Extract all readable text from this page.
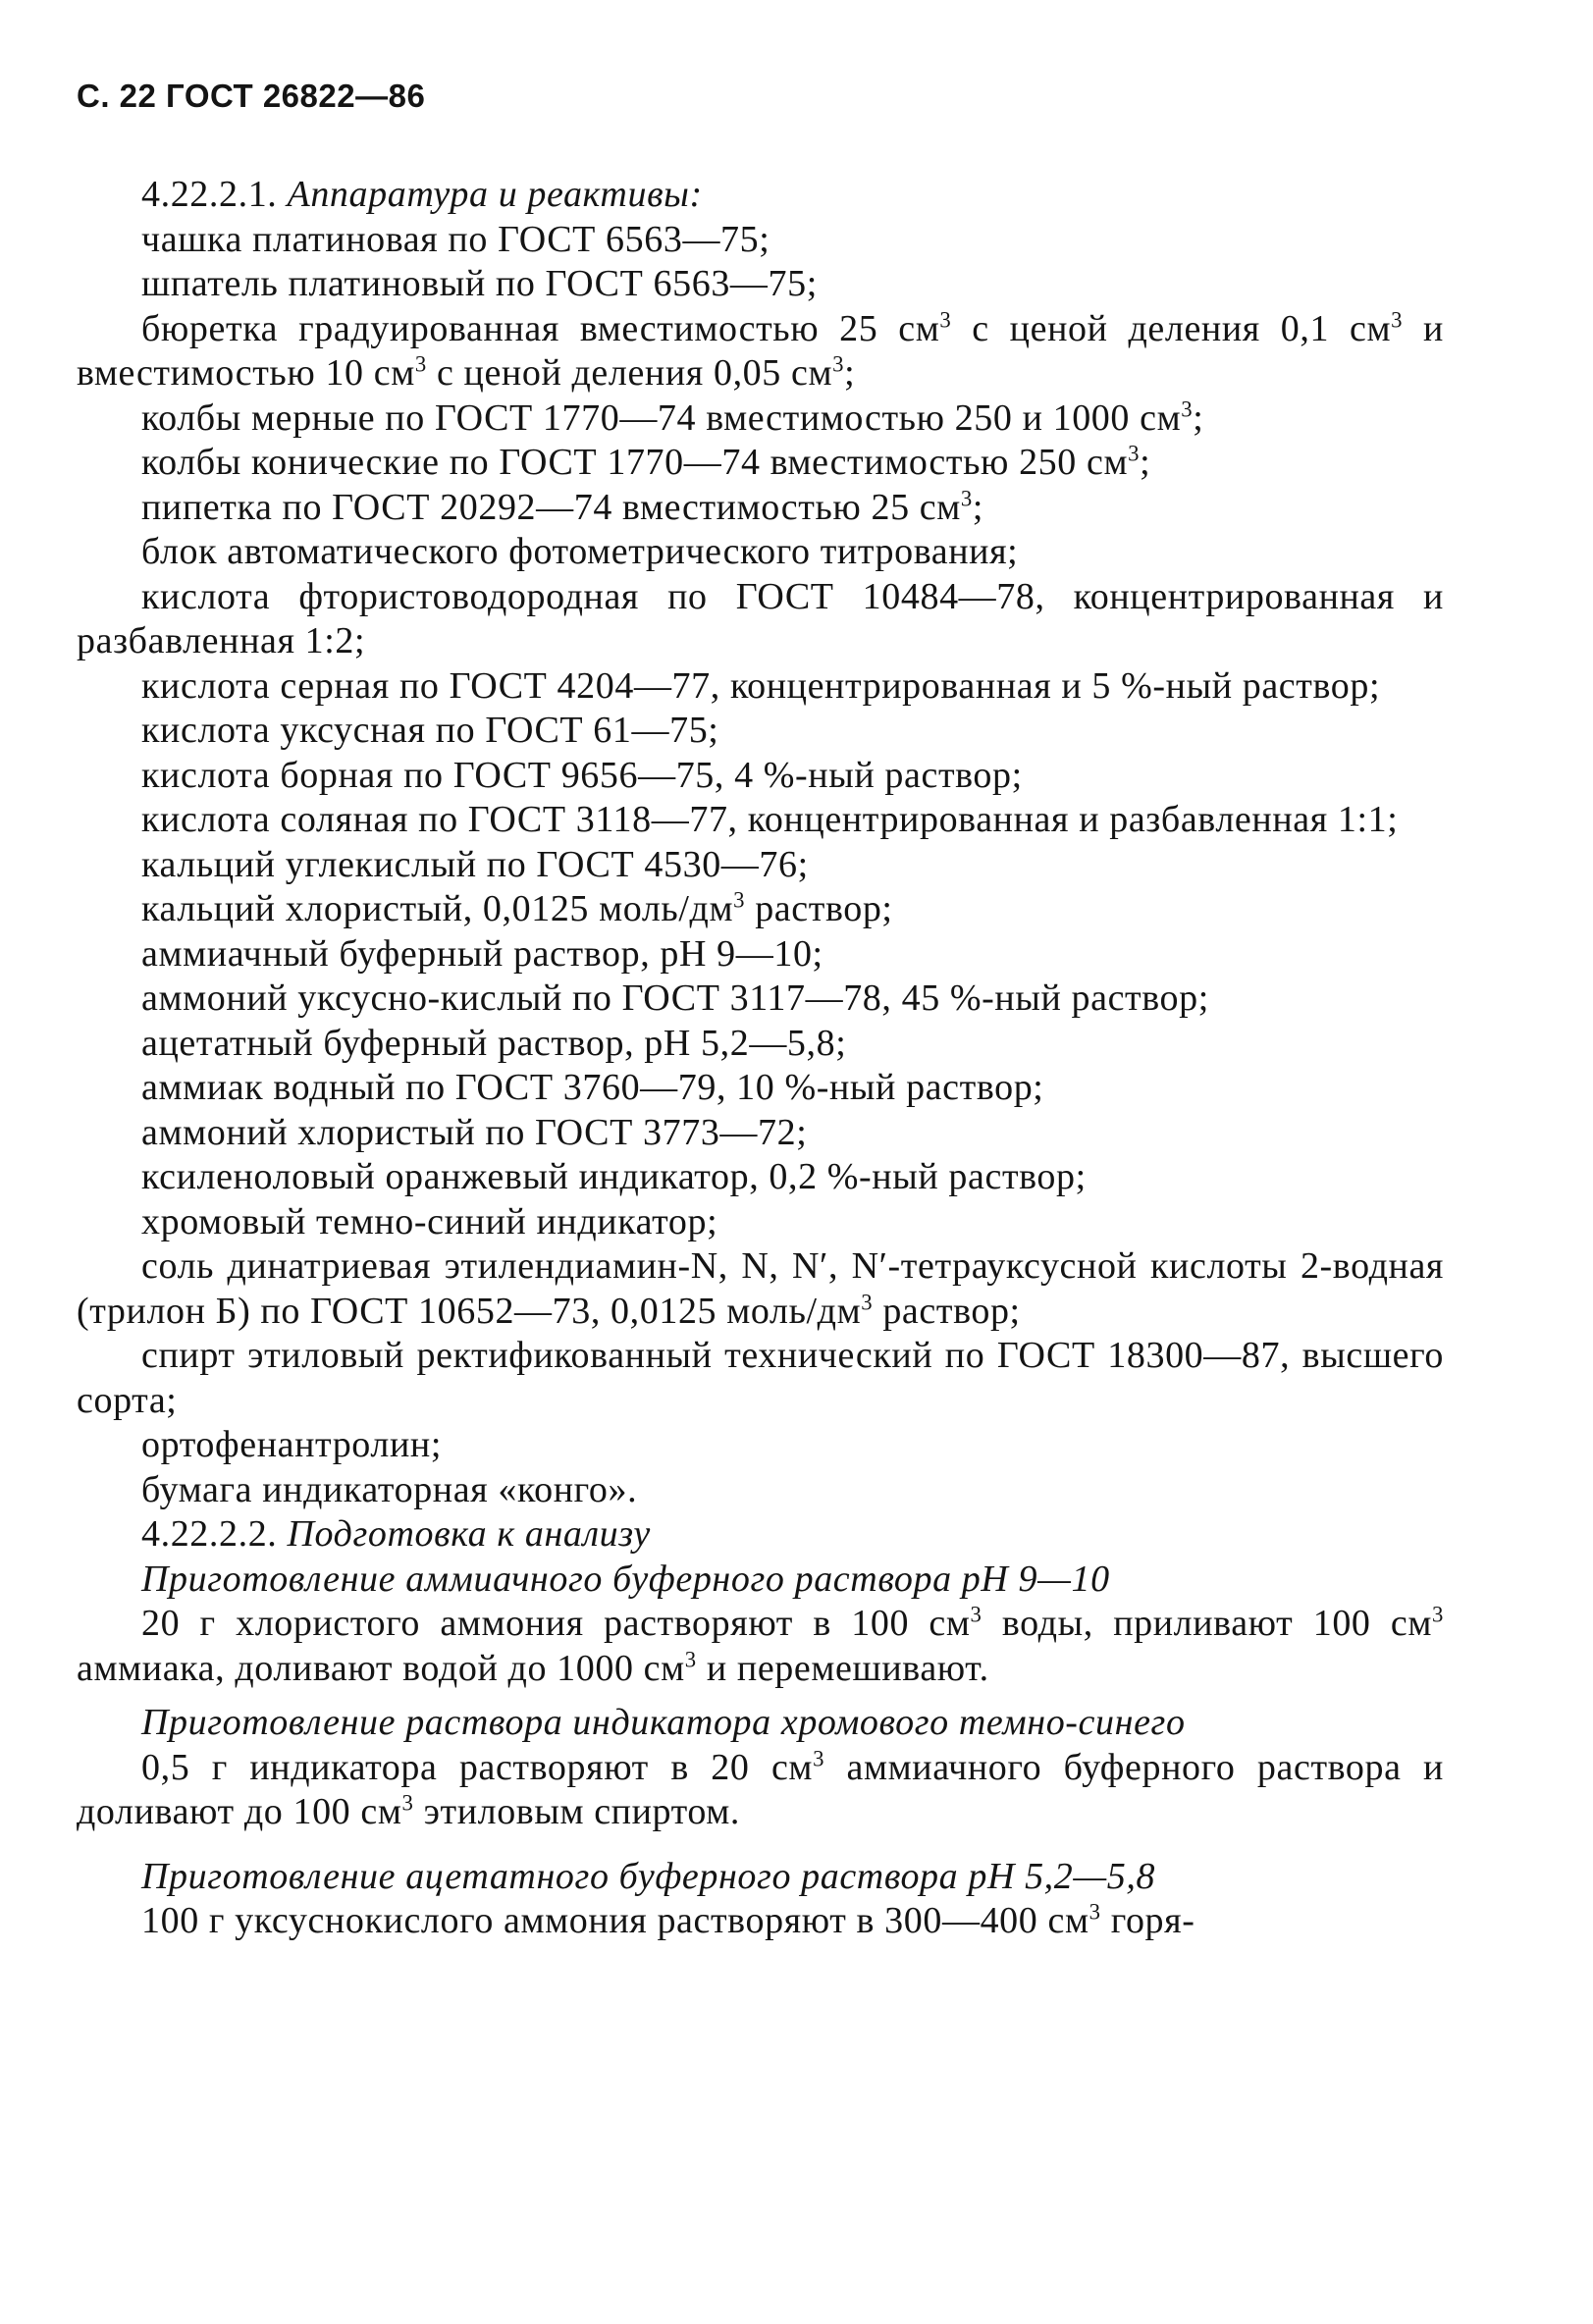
С. 22 ГОСТ 26822—86

4.22.2.1. Аппаратура и реактивы:

чашка платиновая по ГОСТ 6563—75;

шпатель платиновый по ГОСТ 6563—75;

бюретка градуированная вместимостью 25 $см^3$ с ценой деления 0,1 $см^3$ и вместимостью 10 $см^3$ с ценой деления 0,05 $см^3$;

колбы мерные по ГОСТ 1770—74 вместимостью 250 и 1000 $см^3$;

колбы конические по ГОСТ 1770—74 вместимостью 250 $см^3$;

пипетка по ГОСТ 20292—74 вместимостью 25 $см^3$;

блок автоматического фотометрического титрования;

кислота фтористоводородная по ГОСТ 10484—78, концентрированная и разбавленная 1:2;

кислота серная по ГОСТ 4204—77, концентрированная и 5 %-ный раствор;

кислота уксусная по ГОСТ 61—75;

кислота борная по ГОСТ 9656—75, 4 %-ный раствор;

кислота соляная по ГОСТ 3118—77, концентрированная и разбавленная 1:1;

кальций углекислый по ГОСТ 4530—76;

кальций хлористый, 0,0125 моль/$дм^3$ раствор;

аммиачный буферный раствор, pH 9—10;

аммоний уксусно-кислый по ГОСТ 3117—78, 45 %-ный раствор;

ацетатный буферный раствор, pH 5,2—5,8;

аммиак водный по ГОСТ 3760—79, 10 %-ный раствор;

аммоний хлористый по ГОСТ 3773—72;

ксиленоловый оранжевый индикатор, 0,2 %-ный раствор;

хромовый темно-синий индикатор;

соль динатриевая этилендиамин-N, N, N′, N′-тетрауксусной кислоты 2-водная (трилон Б) по ГОСТ 10652—73, 0,0125 моль/$дм^3$ раствор;

спирт этиловый ректификованный технический по ГОСТ 18300—87, высшего сорта;

ортофенантролин;

бумага индикаторная «конго».

4.22.2.2. Подготовка к анализу

Приготовление аммиачного буферного раствора pH 9—10

20 г хлористого аммония растворяют в 100 $см^3$ воды, приливают 100 $см^3$ аммиака, доливают водой до 1000 $см^3$ и перемешивают.

Приготовление раствора индикатора хромового темно-синего

0,5 г индикатора растворяют в 20 $см^3$ аммиачного буферного раствора и доливают до 100 $см^3$ этиловым спиртом.

Приготовление ацетатного буферного раствора pH 5,2—5,8

100 г уксуснокислого аммония растворяют в 300—400 $см^3$ горя-
